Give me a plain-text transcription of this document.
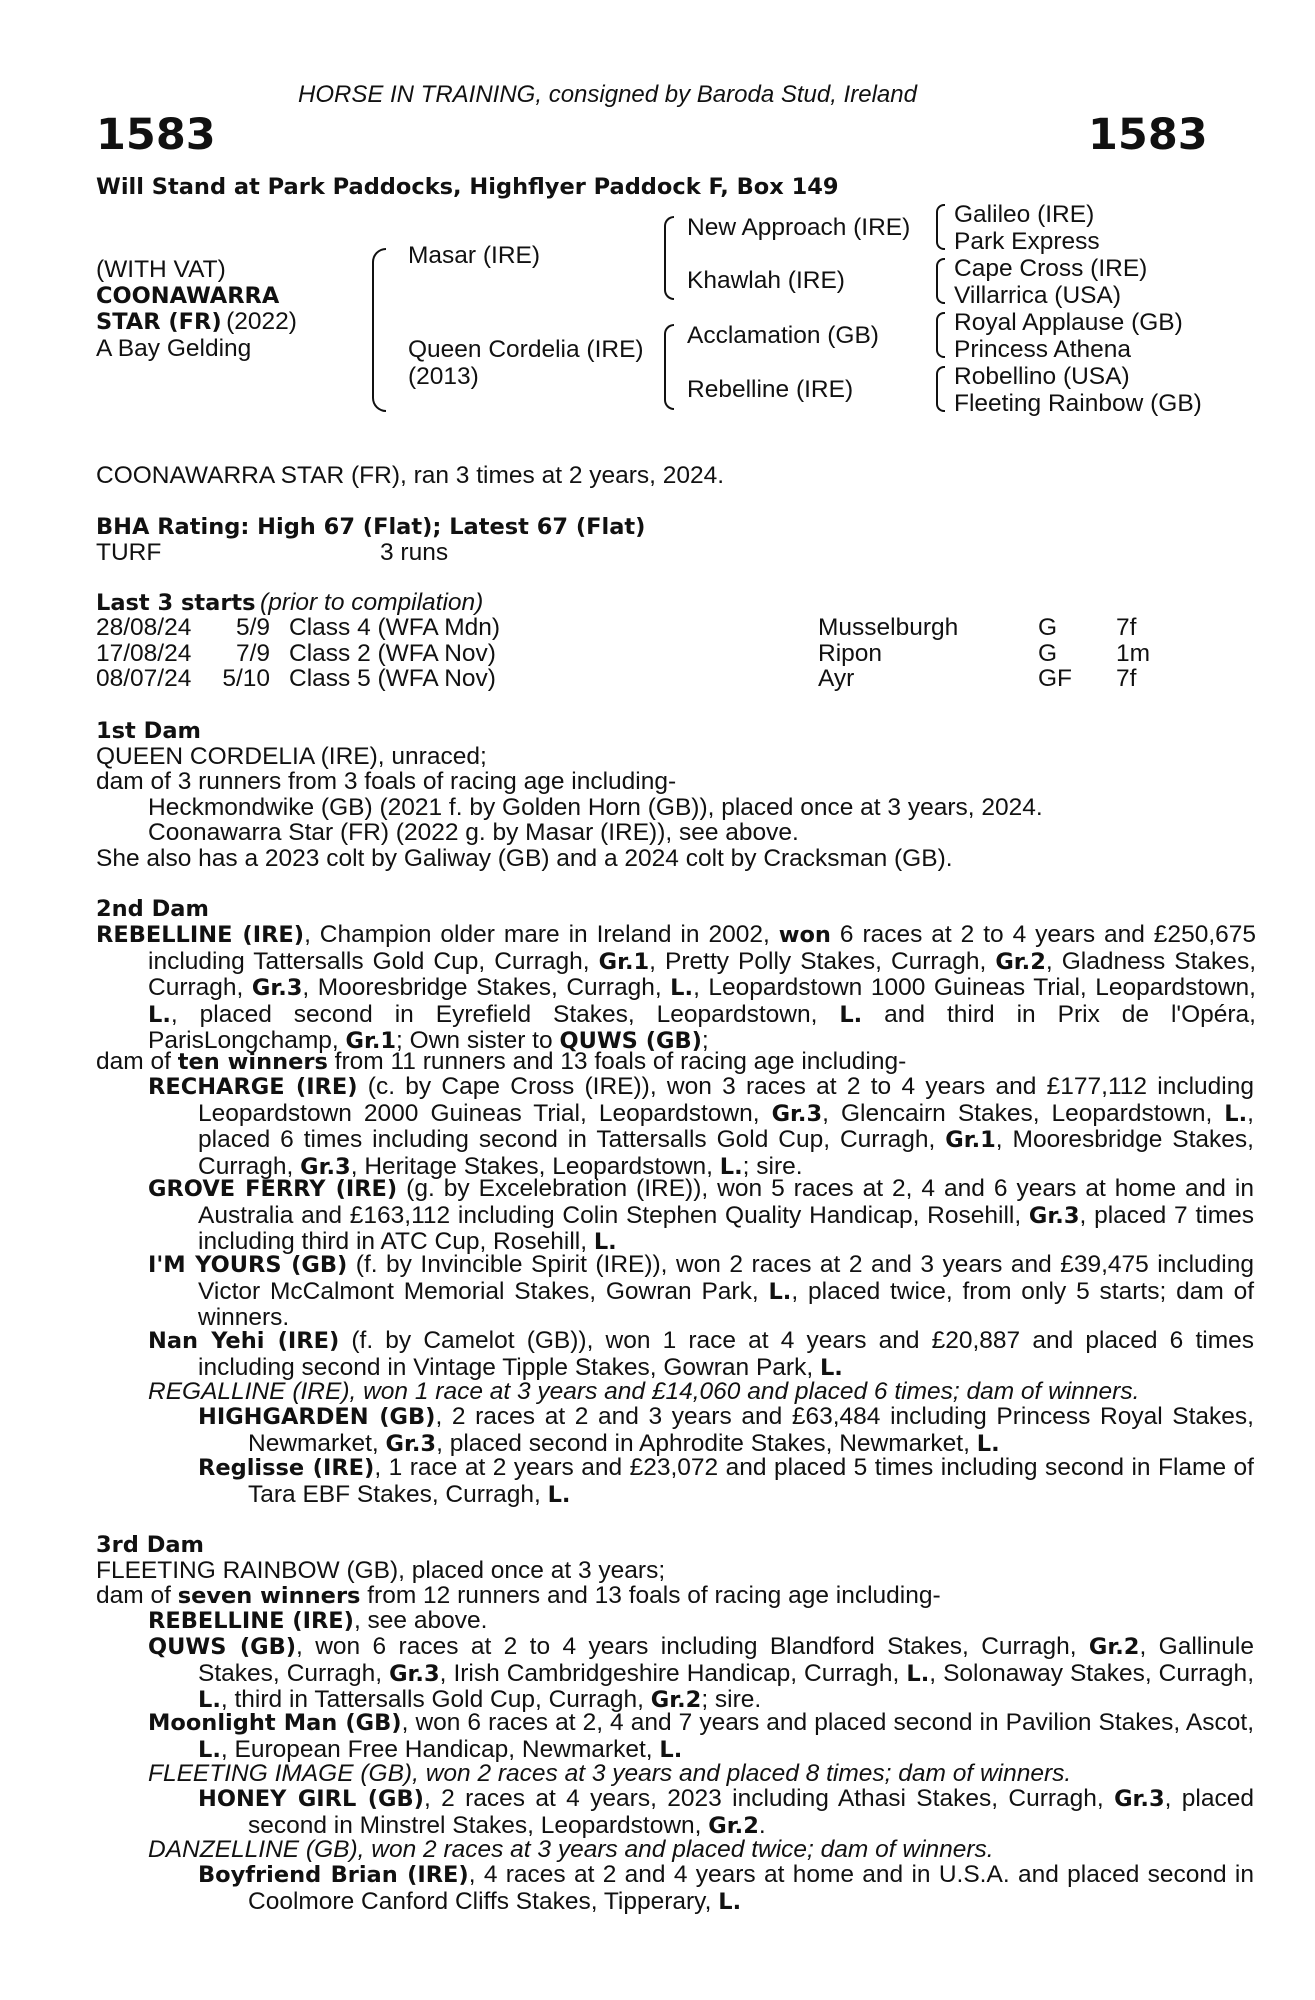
HORSE IN TRAINING, consigned by Baroda Stud, Ireland
1583	1583
Will Stand at Park Paddocks, Highflyer Paddock F, Box 149
(WITH VAT)
COONAWARRA
STAR (FR) (2022)
A Bay Gelding
Masar (IRE)
Queen Cordelia (IRE)
(2013)
New Approach (IRE)
Khawlah (IRE)
Acclamation (GB)
Rebelline (IRE)
Galileo (IRE)
Park Express
Cape Cross (IRE)
Villarrica (USA)
Royal Applause (GB)
Princess Athena
Robellino (USA)
Fleeting Rainbow (GB)
COONAWARRA STAR (FR), ran 3 times at 2 years, 2024.
BHA Rating: High 67 (Flat); Latest 67 (Flat)
TURF	3 runs
Last 3 starts (prior to compilation)
28/08/24 5/9 Class 4 (WFA Mdn)	Musselburgh	G 7f
17/08/24 7/9 Class 2 (WFA Nov)	Ripon	G 1m
08/07/24 5/10 Class 5 (WFA Nov)	Ayr	GF 7f
1st Dam
QUEEN CORDELIA (IRE), unraced;
dam of 3 runners from 3 foals of racing age including-
Heckmondwike (GB) (2021 f. by Golden Horn (GB)), placed once at 3 years, 2024.
Coonawarra Star (FR) (2022 g. by Masar (IRE)), see above.
She also has a 2023 colt by Galiway (GB) and a 2024 colt by Cracksman (GB).
2nd Dam
REBELLINE (IRE), Champion older mare in Ireland in 2002, won 6 races at 2 to 4 years and £250,675 including Tattersalls Gold Cup, Curragh, Gr.1, Pretty Polly Stakes, Curragh, Gr.2, Gladness Stakes, Curragh, Gr.3, Mooresbridge Stakes, Curragh, L., Leopardstown 1000 Guineas Trial, Leopardstown, L., placed second in Eyrefield Stakes, Leopardstown, L. and third in Prix de l'Opéra, ParisLongchamp, Gr.1; Own sister to QUWS (GB);
dam of ten winners from 11 runners and 13 foals of racing age including-
RECHARGE (IRE) (c. by Cape Cross (IRE)), won 3 races at 2 to 4 years and £177,112 including Leopardstown 2000 Guineas Trial, Leopardstown, Gr.3, Glencairn Stakes, Leopardstown, L., placed 6 times including second in Tattersalls Gold Cup, Curragh, Gr.1, Mooresbridge Stakes, Curragh, Gr.3, Heritage Stakes, Leopardstown, L.; sire.
GROVE FERRY (IRE) (g. by Excelebration (IRE)), won 5 races at 2, 4 and 6 years at home and in Australia and £163,112 including Colin Stephen Quality Handicap, Rosehill, Gr.3, placed 7 times including third in ATC Cup, Rosehill, L.
I'M YOURS (GB) (f. by Invincible Spirit (IRE)), won 2 races at 2 and 3 years and £39,475 including Victor McCalmont Memorial Stakes, Gowran Park, L., placed twice, from only 5 starts; dam of winners.
Nan Yehi (IRE) (f. by Camelot (GB)), won 1 race at 4 years and £20,887 and placed 6 times including second in Vintage Tipple Stakes, Gowran Park, L.
REGALLINE (IRE), won 1 race at 3 years and £14,060 and placed 6 times; dam of winners.
HIGHGARDEN (GB), 2 races at 2 and 3 years and £63,484 including Princess Royal Stakes, Newmarket, Gr.3, placed second in Aphrodite Stakes, Newmarket, L.
Reglisse (IRE), 1 race at 2 years and £23,072 and placed 5 times including second in Flame of Tara EBF Stakes, Curragh, L.
3rd Dam
FLEETING RAINBOW (GB), placed once at 3 years;
dam of seven winners from 12 runners and 13 foals of racing age including-
REBELLINE (IRE), see above.
QUWS (GB), won 6 races at 2 to 4 years including Blandford Stakes, Curragh, Gr.2, Gallinule Stakes, Curragh, Gr.3, Irish Cambridgeshire Handicap, Curragh, L., Solonaway Stakes, Curragh, L., third in Tattersalls Gold Cup, Curragh, Gr.2; sire.
Moonlight Man (GB), won 6 races at 2, 4 and 7 years and placed second in Pavilion Stakes, Ascot, L., European Free Handicap, Newmarket, L.
FLEETING IMAGE (GB), won 2 races at 3 years and placed 8 times; dam of winners.
HONEY GIRL (GB), 2 races at 4 years, 2023 including Athasi Stakes, Curragh, Gr.3, placed second in Minstrel Stakes, Leopardstown, Gr.2.
DANZELLINE (GB), won 2 races at 3 years and placed twice; dam of winners.
Boyfriend Brian (IRE), 4 races at 2 and 4 years at home and in U.S.A. and placed second in Coolmore Canford Cliffs Stakes, Tipperary, L.
